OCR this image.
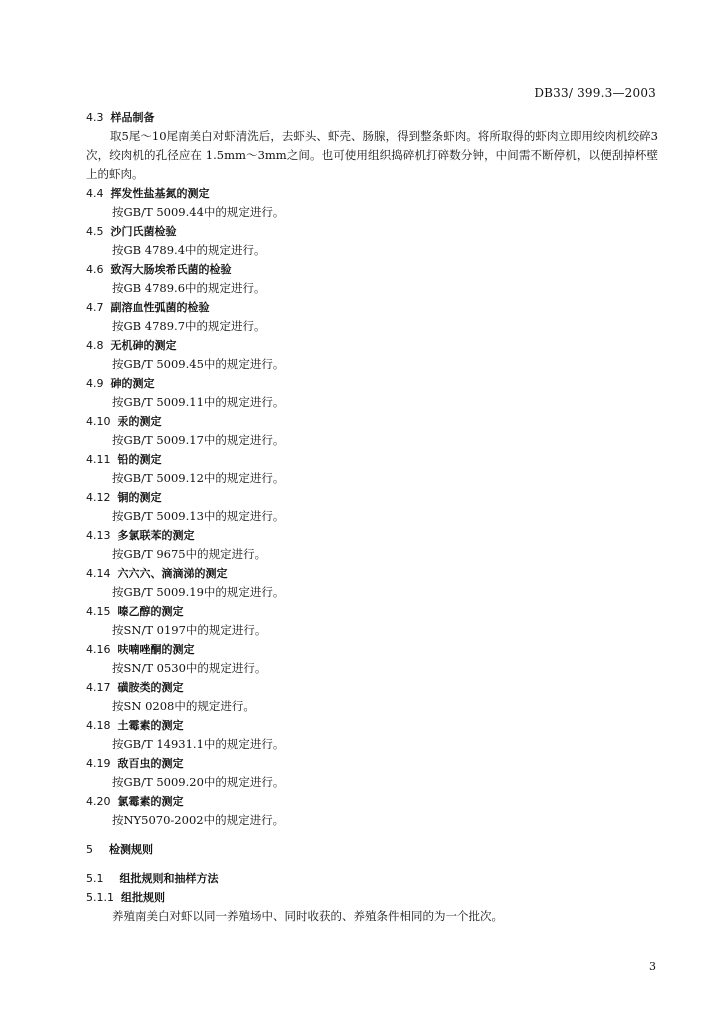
DB33/ 399.3—2003
4.3 样品制备
取5尾～10尾南美白对虾清洗后，去虾头、虾壳、肠腺，得到整条虾肉。将所取得的虾肉立即用绞肉机绞碎3次，绞肉机的孔径应在 1.5mm～3mm之间。也可使用组织捣碎机打碎数分钟，中间需不断停机，以便刮掉杯壁上的虾肉。
4.4 挥发性盐基氮的测定
按GB/T 5009.44中的规定进行。
4.5 沙门氏菌检验
按GB 4789.4中的规定进行。
4.6 致泻大肠埃希氏菌的检验
按GB 4789.6中的规定进行。
4.7 副溶血性弧菌的检验
按GB 4789.7中的规定进行。
4.8 无机砷的测定
按GB/T 5009.45中的规定进行。
4.9 砷的测定
按GB/T 5009.11中的规定进行。
4.10 汞的测定
按GB/T 5009.17中的规定进行。
4.11 铅的测定
按GB/T 5009.12中的规定进行。
4.12 铜的测定
按GB/T 5009.13中的规定进行。
4.13 多氯联苯的测定
按GB/T 9675中的规定进行。
4.14 六六六、滴滴涕的测定
按GB/T 5009.19中的规定进行。
4.15 嗪乙醇的测定
按SN/T 0197中的规定进行。
4.16 呋喃唑酮的测定
按SN/T 0530中的规定进行。
4.17 磺胺类的测定
按SN 0208中的规定进行。
4.18 土霉素的测定
按GB/T 14931.1中的规定进行。
4.19 敌百虫的测定
按GB/T 5009.20中的规定进行。
4.20 氯霉素的测定
按NY5070-2002中的规定进行。
5 检测规则
5.1 组批规则和抽样方法
5.1.1 组批规则
养殖南美白对虾以同一养殖场中、同时收获的、养殖条件相同的为一个批次。
3
